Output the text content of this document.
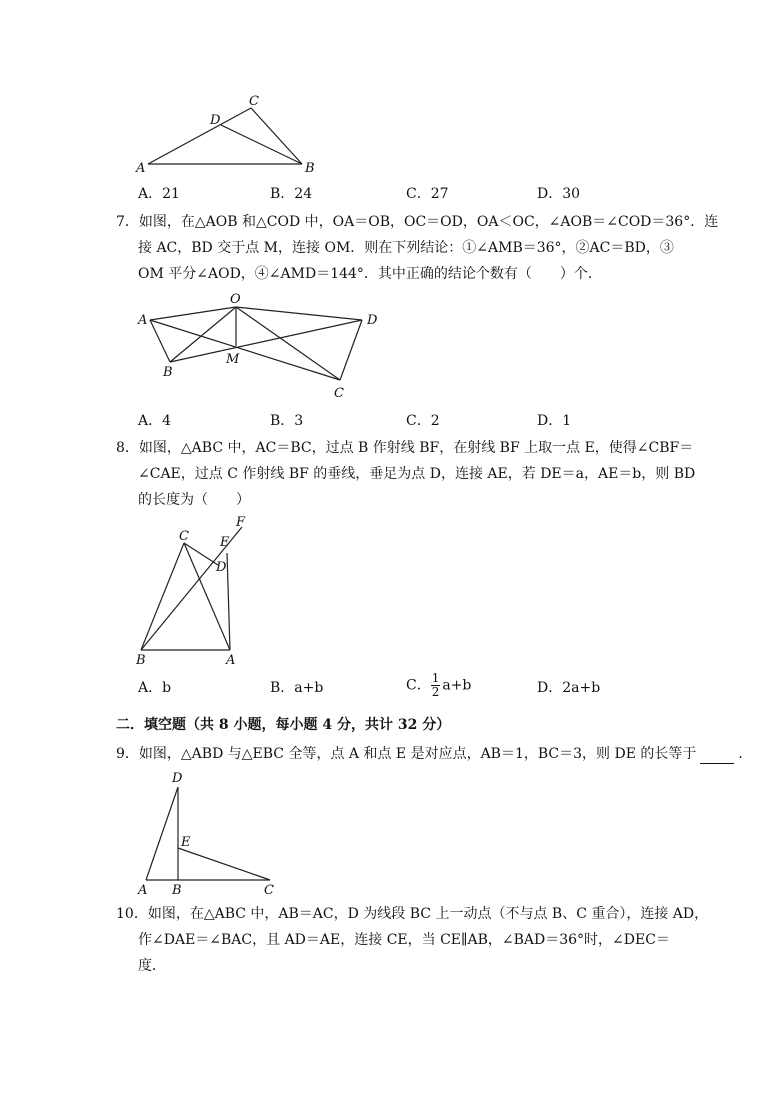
A	B
C
D
A．21	B．24	C．27	D．30
7．如图，在△AOB 和△COD 中，OA＝OB，OC＝OD，OA＜OC，∠AOB＝∠COD＝36°．连
接 AC，BD 交于点 M，连接 OM．则在下列结论：①∠AMB＝36°，②AC＝BD，③
OM 平分∠AOD，④∠AMD＝144°．其中正确的结论个数有（　　）个．
A
O
D
B
M
C
A．4	B．3	C．2	D．1
8．如图，△ABC 中，AC＝BC，过点 B 作射线 BF，在射线 BF 上取一点 E，使得∠CBF＝
∠CAE，过点 C 作射线 BF 的垂线，垂足为点 D，连接 AE，若 DE＝a，AE＝b，则 BD
的长度为（　　）
F
C E
D
B	A
A．b	B．a+b	C． $\frac{1}{2} a+b$	D．2a+b
二．填空题（共 8 小题，每小题 4 分，共计 32 分）
9．如图，△ABD 与△EBC 全等，点 A 和点 E 是对应点，AB＝1，BC＝3，则 DE 的长等于	．
D
E
A B	C
10．如图，在△ABC 中，AB＝AC，D 为线段 BC 上一动点（不与点 B、C 重合），连接 AD，
作∠DAE＝∠BAC，且 AD＝AE，连接 CE，当 CE∥AB，∠BAD＝36°时，∠DEC＝
度．
